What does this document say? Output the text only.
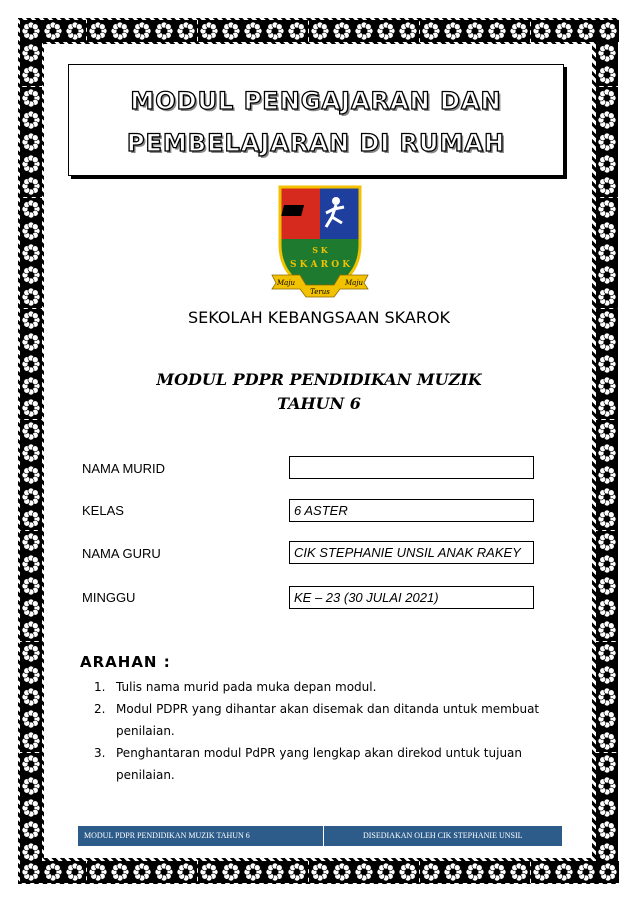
MODUL PENGAJARAN DAN
PEMBELAJARAN DI RUMAH
S K
S K A R O K
Maju
Terus
Maju
SEKOLAH KEBANGSAAN SKAROK
MODUL PDPR PENDIDIKAN MUZIK
TAHUN 6
NAMA MURID
KELAS	6 ASTER
NAMA GURU	CIK STEPHANIE UNSIL ANAK RAKEY
MINGGU	KE – 23 (30 JULAI 2021)
ARAHAN :
1. Tulis nama murid pada muka depan modul.
2. Modul PDPR yang dihantar akan disemak dan ditanda untuk membuat penilaian.
3. Penghantaran modul PdPR yang lengkap akan direkod untuk tujuan penilaian.
MODUL PDPR PENDIDIKAN MUZIK TAHUN 6	DISEDIAKAN OLEH CIK STEPHANIE UNSIL
